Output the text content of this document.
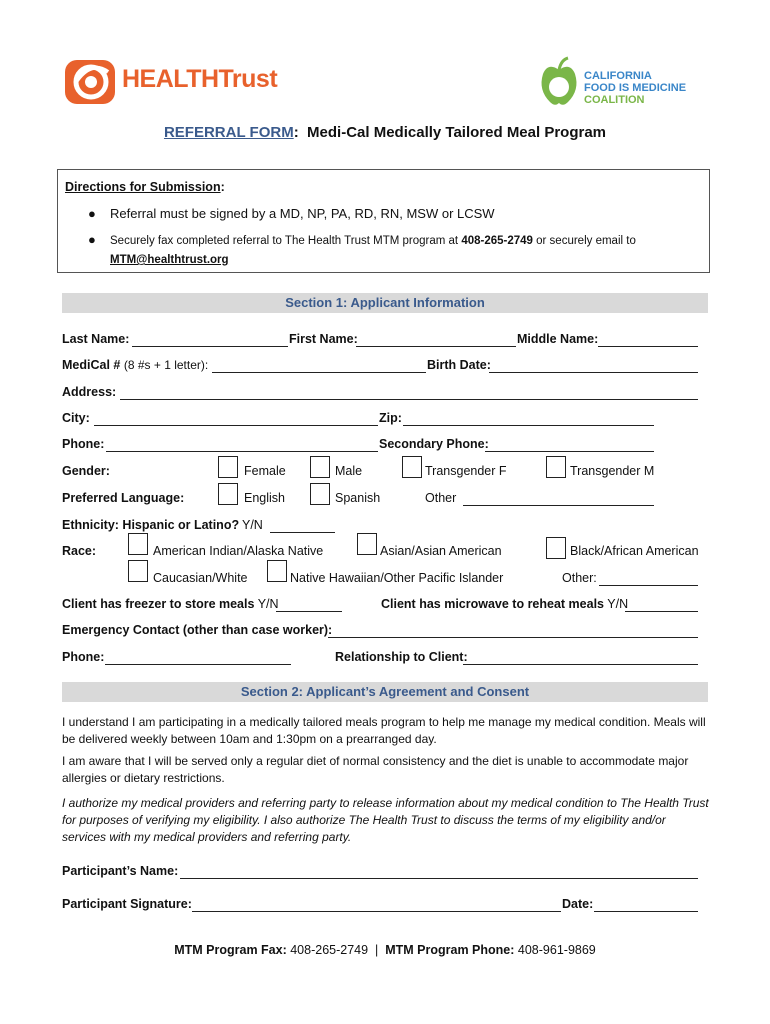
HEALTHTrust	CALIFORNIA
FOOD IS MEDICINE
COALITION
REFERRAL FORM: Medi-Cal Medically Tailored Meal Program
Directions for Submission:
● Referral must be signed by a MD, NP, PA, RD, RN, MSW or LCSW
● Securely fax completed referral to The Health Trust MTM program at 408-265-2749 or securely email to
MTM@healthtrust.org
Section 1: Applicant Information
Last Name:	First Name:	Middle Name:
MediCal # (8 #s + 1 letter):	Birth Date:
Address:
City:	Zip:
Phone:	Secondary Phone:
Gender:	Female	Male	Transgender F	Transgender M
Preferred Language:	English	Spanish	Other
Ethnicity: Hispanic or Latino? Y/N
Race:	American Indian/Alaska Native	Asian/Asian American	Black/African American
Caucasian/White	Native Hawaiian/Other Pacific Islander	Other:
Client has freezer to store meals Y/N	Client has microwave to reheat meals Y/N
Emergency Contact (other than case worker):
Phone:	Relationship to Client:
Section 2: Applicant’s Agreement and Consent
I understand I am participating in a medically tailored meals program to help me manage my medical condition. Meals will be delivered weekly between 10am and 1:30pm on a prearranged day.
I am aware that I will be served only a regular diet of normal consistency and the diet is unable to accommodate major allergies or dietary restrictions.
I authorize my medical providers and referring party to release information about my medical condition to The Health Trust for purposes of verifying my eligibility. I also authorize The Health Trust to discuss the terms of my eligibility and/or services with my medical providers and referring party.
Participant’s Name:
Participant Signature:	Date:
MTM Program Fax: 408-265-2749 | MTM Program Phone: 408-961-9869
